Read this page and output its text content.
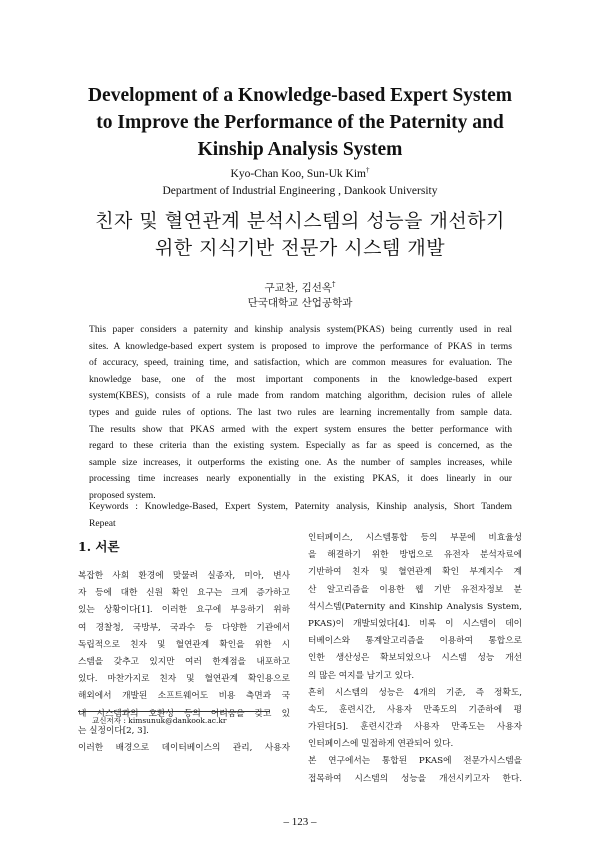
Development of a Knowledge-based Expert System
to Improve the Performance of the Paternity and
Kinship Analysis System
Kyo-Chan Koo, Sun-Uk Kim†
Department of Industrial Engineering , Dankook University
친자 및 혈연관계 분석시스템의 성능을 개선하기
위한 지식기반 전문가 시스템 개발
구교찬, 김선옥†
단국대학교 산업공학과
This paper considers a paternity and kinship analysis system(PKAS) being currently used in real
sites. A knowledge-based expert system is proposed to improve the performance of PKAS in terms
of accuracy, speed, training time, and satisfaction, which are common measures for evaluation. The
knowledge base, one of the most important components in the knowledge-based expert
system(KBES), consists of a rule made from random matching algorithm, decision rules of allele
types and guide rules of options. The last two rules are learning incrementally from sample data.
The results show that PKAS armed with the expert system ensures the better performance with
regard to these criteria than the existing system. Especially as far as speed is concerned, as the
sample size increases, it outperforms the existing one. As the number of samples increases, while
processing time increases nearly exponentially in the existing PKAS, it does linearly in our
proposed system.
Keywords  :  Knowledge-Based,  Expert  System,  Paternity  analysis,  Kinship  analysis,  Short  Tandem
Repeat
1. 서론
복잡한 사회 환경에 맞물려 실종자, 미아, 변사
자 등에 대한 신원 확인 요구는 크게 증가하고
있는 상황이다[1]. 이러한 요구에 부응하기 위하
여 경찰청, 국방부, 국과수 등 다양한 기관에서
독립적으로 친자 및 혈연관계 확인을 위한 시
스템을 갖추고 있지만 여러 한계점을 내포하고
있다. 마찬가지로 친자 및 혈연관계 확인용으로
해외에서 개발된 소프트웨어도 비용 측면과 국
내 시스템과의 호환성 등의 어려움을 갖고 있
는 실정이다[2, 3].
이러한 배경으로 데이터베이스의 관리, 사용자
교신저자 : kimsunuk@dankook.ac.kr
인터페이스, 시스템통합 등의 부문에 비효율성
을 해결하기 위한 방법으로 유전자 분석자료에
기반하여 친자 및 혈연관계 확인 부계지수 계
산 알고리즘을 이용한 웹 기반 유전자정보 분
석시스템(Paternity and Kinship Analysis System,
PKAS)이 개발되었다[4]. 비록 이 시스템이 데이
터베이스와 통계알고리즘을 이용하여 통합으로
인한 생산성은 확보되었으나 시스템 성능 개선
의 많은 여지를 남기고 있다.
흔히 시스템의 성능은 4개의 기준, 즉 정확도,
속도, 훈련시간, 사용자 만족도의 기준하에 평
가된다[5]. 훈련시간과 사용자 만족도는 사용자
인터페이스에 밀접하게 연관되어 있다.
본 연구에서는 통합된 PKAS에 전문가시스템을
접목하여 시스템의 성능을 개선시키고자 한다.
– 123 –
